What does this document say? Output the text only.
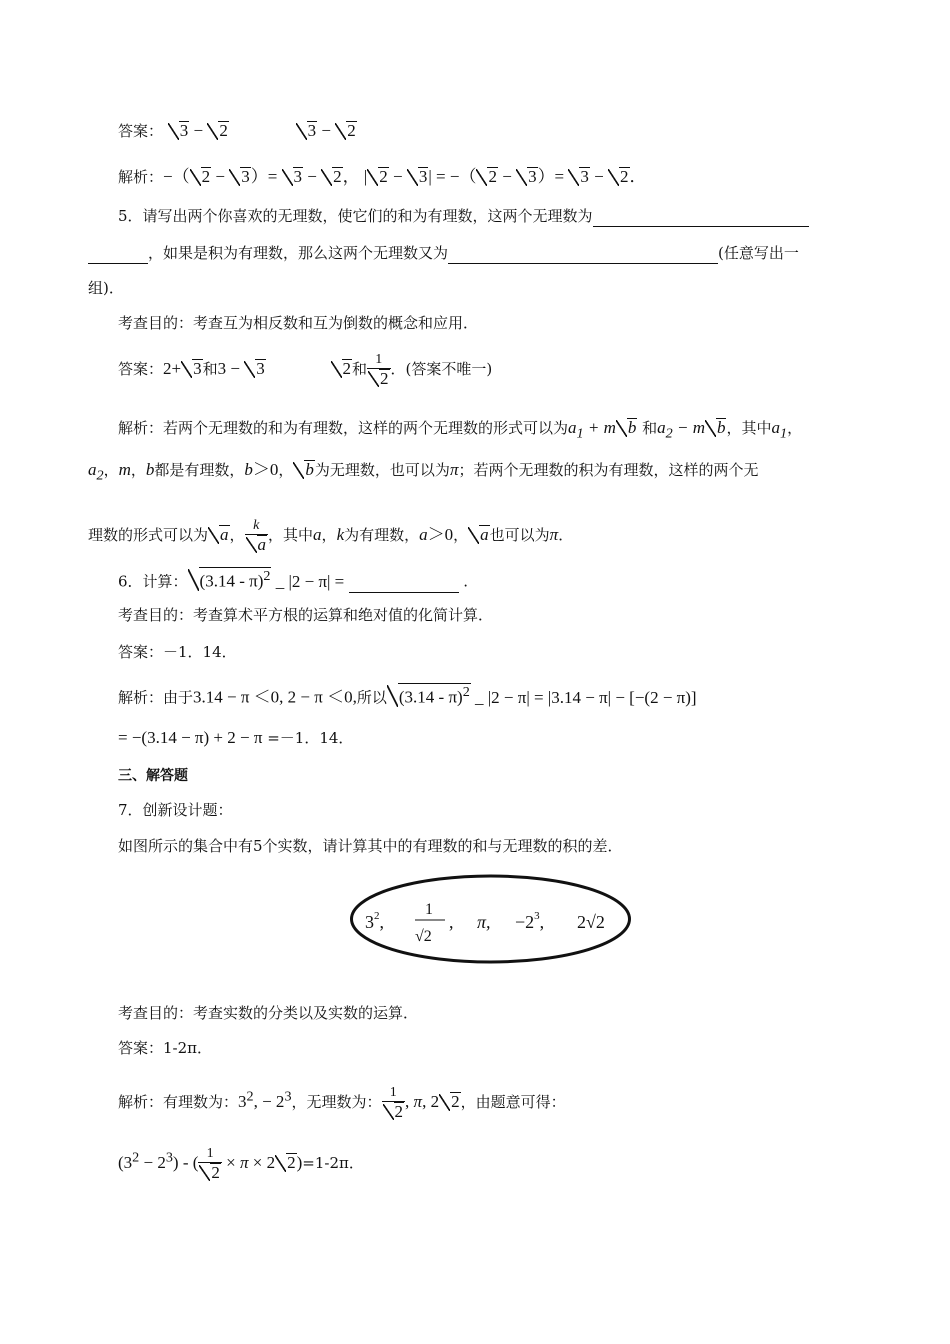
答案： 3 − 2	3 − 2
解析：−（ 2 − 3）= 3 − 2， | 2 − 3| = −（ 2 − 3）= 3 − 2．
5．请写出两个你喜欢的无理数，使它们的和为有理数，这两个无理数为
，如果是积为有理数，那么这两个无理数又为	(任意写出一
组)．
考查目的：考查互为相反数和互为倒数的概念和应用．
答案：2+ 3和3 − 3	2和
1
2 ．(答案不唯一)
解析：若两个无理数的和为有理数，这样的两个无理数的形式可以为$a_1 + m$ b 和$a_2 - m$ b，其中$a_1$，
$a_2$，m，b都是有理数，b＞0， b为无理数，也可以为π；若两个无理数的积为有理数，这样的两个无
理数的形式可以为 a，
k
a ，其中a，k为有理数，a＞0， a也可以为π．
6．计算： (3.14 - π)$^2$ _ |2 − π| =	.
考查目的：考查算术平方根的运算和绝对值的化简计算．
答案：－1．14．
解析：由于3.14 − π ＜0, 2 − π ＜0,所以 (3.14 - π)$^2$ _ |2 − π| = |3.14 − π| − [−(2 − π)]
= −(3.14 − π) + 2 − π =－1．14．
三、解答题
7．创新设计题：
如图所示的集合中有5个实数，请计算其中的有理数的和与无理数的积的差．
$3^2$,
1
√2
, π, $-2^3$, 2√2
考查目的：考查实数的分类以及实数的运算．
答案：1-2π．
解析：有理数为：$3^2$, − $2^3$，无理数为：
1
2
, π, 2 2，由题意可得：
$(3^2 - 2^3)$ - ( 1
2
× π × 2 2)=1-2π．
